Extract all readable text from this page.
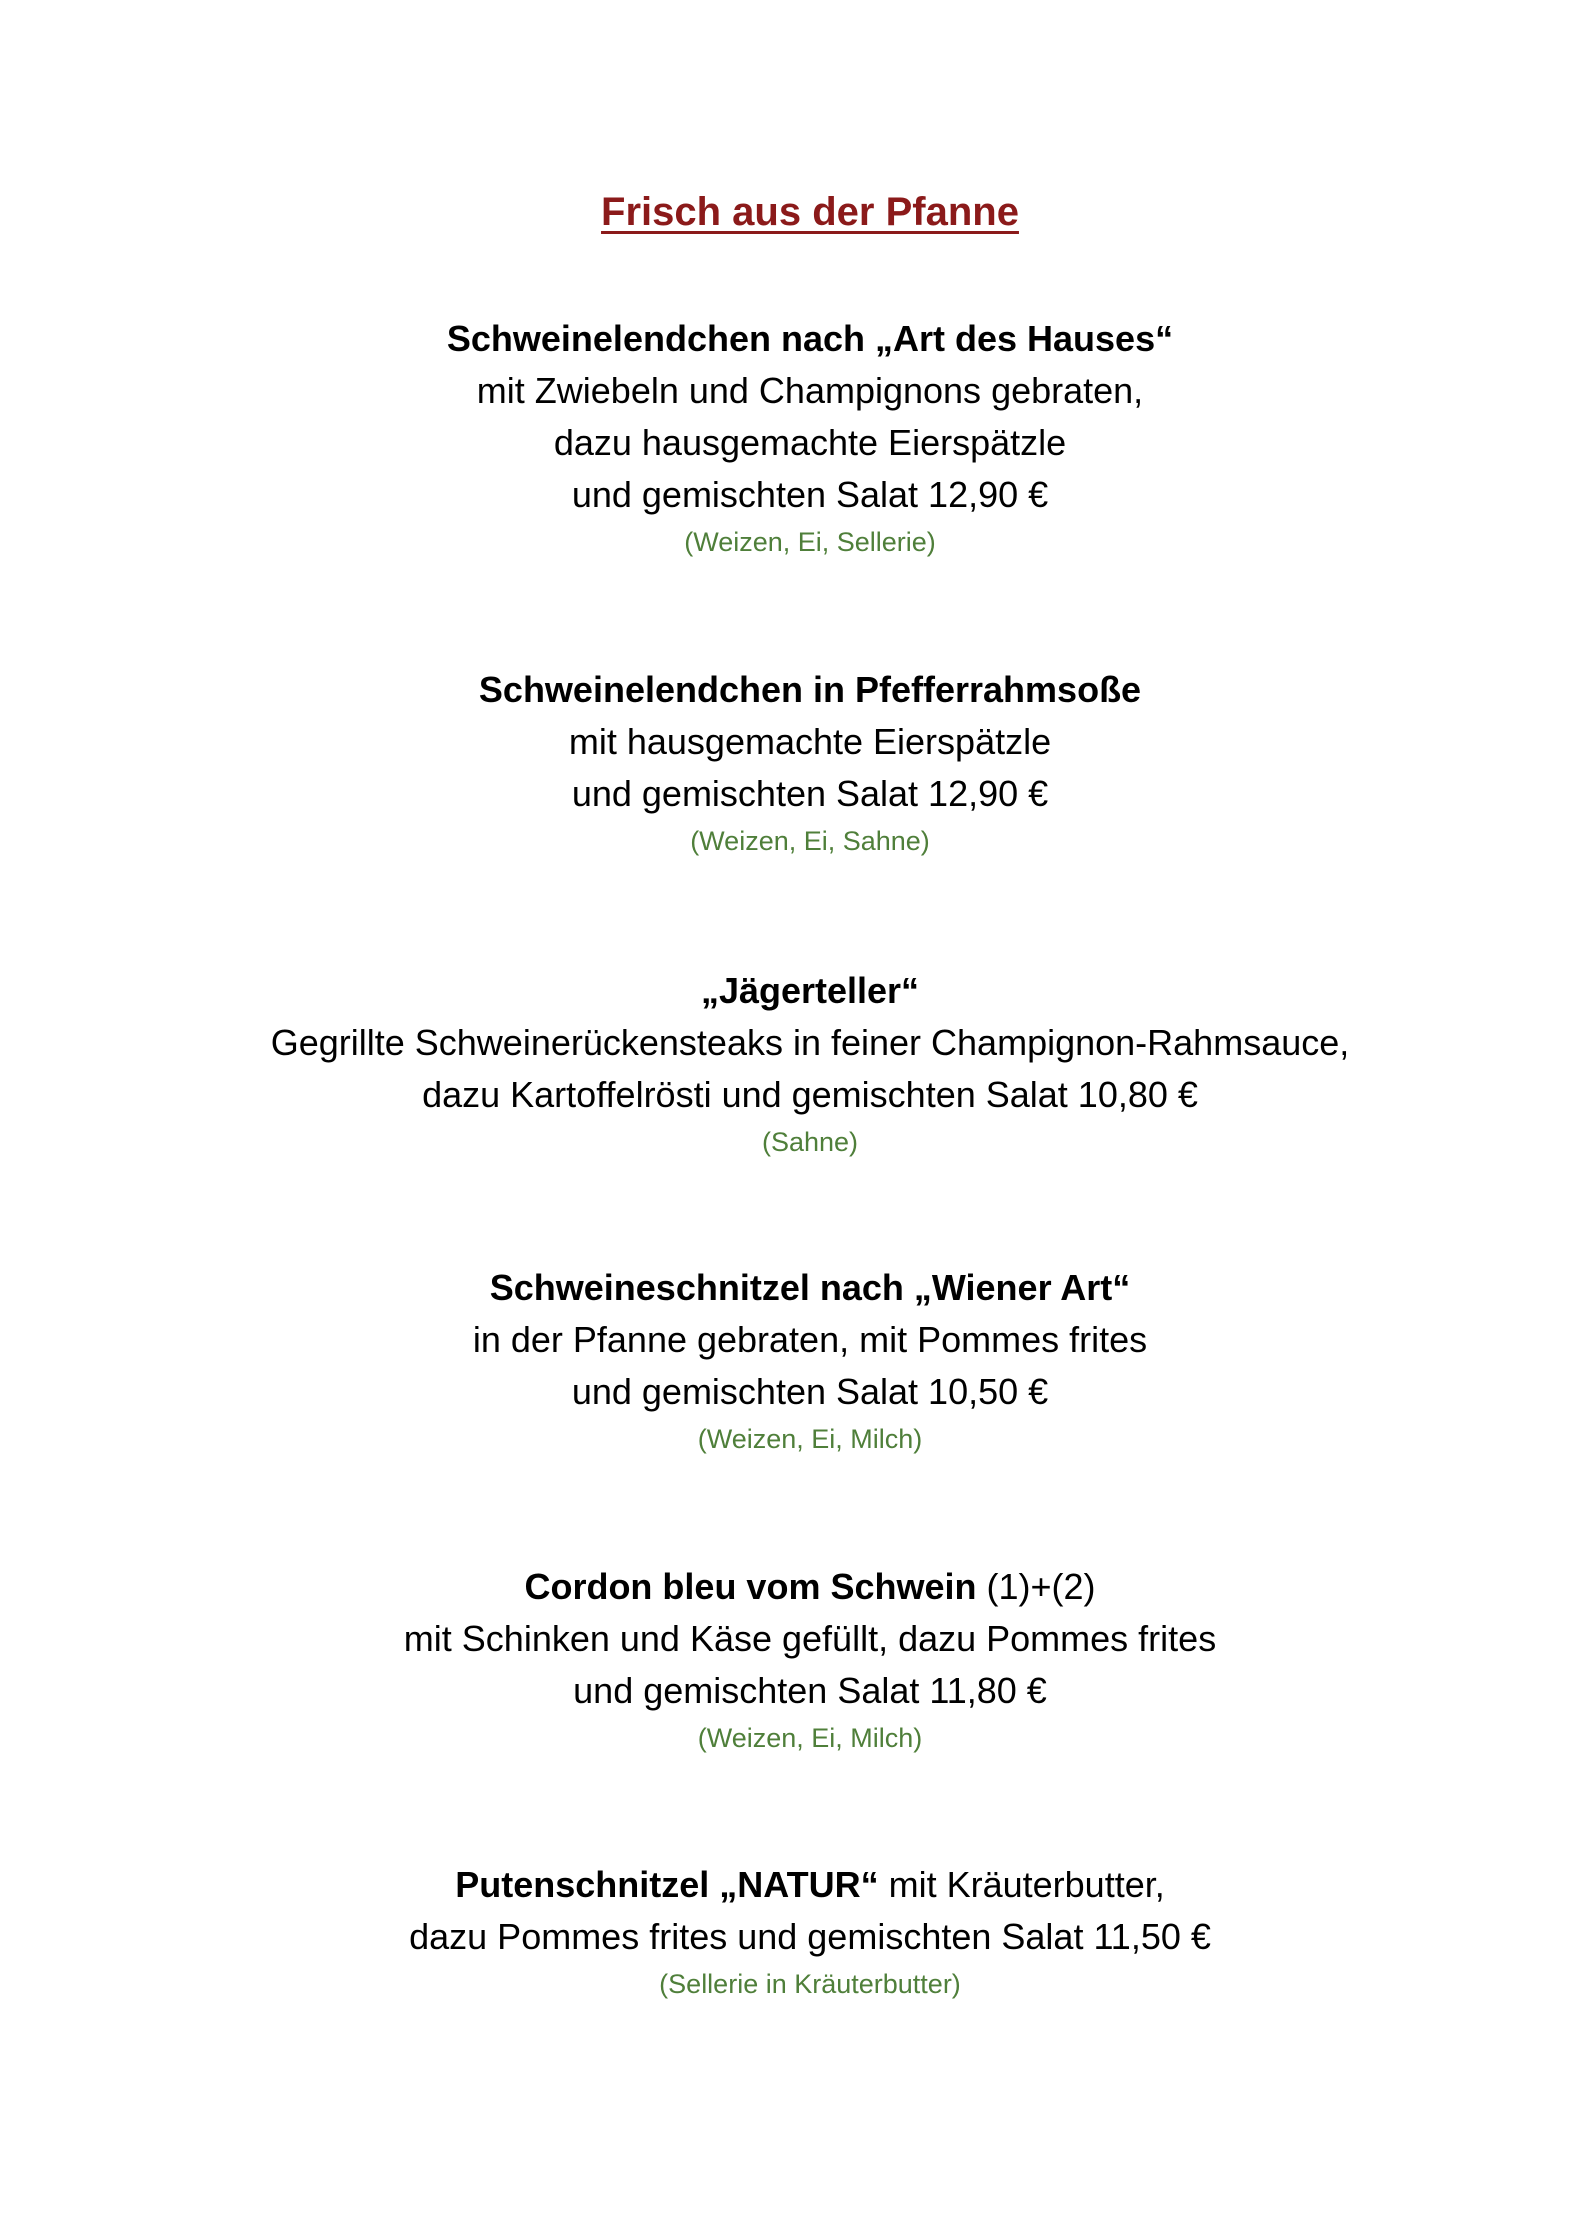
Frisch aus der Pfanne
Schweinelendchen nach „Art des Hauses“
mit Zwiebeln und Champignons gebraten,
dazu hausgemachte Eierspätzle
und gemischten Salat 12,90 €
(Weizen, Ei, Sellerie)
Schweinelendchen in Pfefferrahmsoße
mit hausgemachte Eierspätzle
und gemischten Salat 12,90 €
(Weizen, Ei, Sahne)
„Jägerteller“
Gegrillte Schweinerückensteaks in feiner Champignon-Rahmsauce,
dazu Kartoffelrösti und gemischten Salat 10,80 €
(Sahne)
Schweineschnitzel nach „Wiener Art“
in der Pfanne gebraten, mit Pommes frites
und gemischten Salat 10,50 €
(Weizen, Ei, Milch)
Cordon bleu vom Schwein (1)+(2)
mit Schinken und Käse gefüllt, dazu Pommes frites
und gemischten Salat 11,80 €
(Weizen, Ei, Milch)
Putenschnitzel „NATUR“ mit Kräuterbutter,
dazu Pommes frites und gemischten Salat 11,50 €
(Sellerie in Kräuterbutter)
